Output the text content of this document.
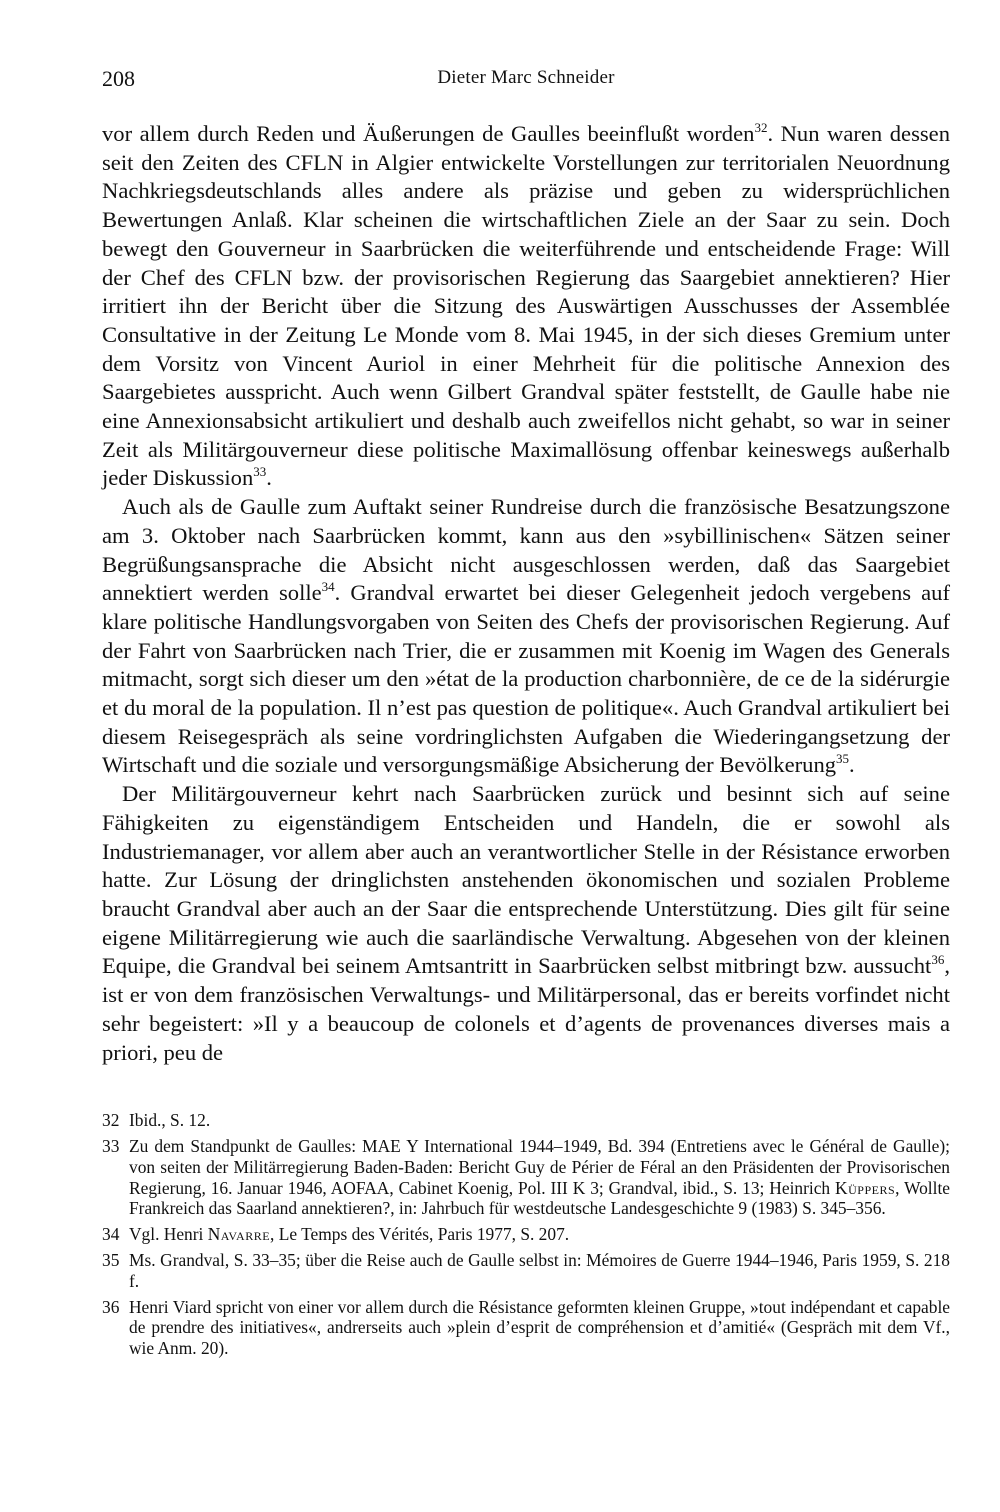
208	Dieter Marc Schneider

vor allem durch Reden und Äußerungen de Gaulles beeinflußt worden$^{32}$. Nun waren dessen seit den Zeiten des CFLN in Algier entwickelte Vorstellungen zur territorialen Neuordnung Nachkriegsdeutschlands alles andere als präzise und geben zu widersprüchlichen Bewertungen Anlaß. Klar scheinen die wirtschaftlichen Ziele an der Saar zu sein. Doch bewegt den Gouverneur in Saarbrücken die weiterführende und entscheidende Frage: Will der Chef des CFLN bzw. der provisorischen Regierung das Saargebiet annektieren? Hier irritiert ihn der Bericht über die Sitzung des Auswärtigen Ausschusses der Assemblée Consultative in der Zeitung Le Monde vom 8. Mai 1945, in der sich dieses Gremium unter dem Vorsitz von Vincent Auriol in einer Mehrheit für die politische Annexion des Saargebietes ausspricht. Auch wenn Gilbert Grandval später feststellt, de Gaulle habe nie eine Annexionsabsicht artikuliert und deshalb auch zweifellos nicht gehabt, so war in seiner Zeit als Militärgouverneur diese politische Maximallösung offenbar keineswegs außerhalb jeder Diskussion$^{33}$.

Auch als de Gaulle zum Auftakt seiner Rundreise durch die französische Besatzungszone am 3. Oktober nach Saarbrücken kommt, kann aus den »sybillinischen« Sätzen seiner Begrüßungsansprache die Absicht nicht ausgeschlossen werden, daß das Saargebiet annektiert werden solle$^{34}$. Grandval erwartet bei dieser Gelegenheit jedoch vergebens auf klare politische Handlungsvorgaben von Seiten des Chefs der provisorischen Regierung. Auf der Fahrt von Saarbrücken nach Trier, die er zusammen mit Koenig im Wagen des Generals mitmacht, sorgt sich dieser um den »état de la production charbonnière, de ce de la sidérurgie et du moral de la population. Il n’est pas question de politique«. Auch Grandval artikuliert bei diesem Reisegespräch als seine vordringlichsten Aufgaben die Wiederingangsetzung der Wirtschaft und die soziale und versorgungsmäßige Absicherung der Bevölkerung$^{35}$.

Der Militärgouverneur kehrt nach Saarbrücken zurück und besinnt sich auf seine Fähigkeiten zu eigenständigem Entscheiden und Handeln, die er sowohl als Industriemanager, vor allem aber auch an verantwortlicher Stelle in der Résistance erworben hatte. Zur Lösung der dringlichsten anstehenden ökonomischen und sozialen Probleme braucht Grandval aber auch an der Saar die entsprechende Unterstützung. Dies gilt für seine eigene Militärregierung wie auch die saarländische Verwaltung. Abgesehen von der kleinen Equipe, die Grandval bei seinem Amtsantritt in Saarbrücken selbst mitbringt bzw. aussucht$^{36}$, ist er von dem französischen Verwaltungs- und Militärpersonal, das er bereits vorfindet nicht sehr begeistert: »Il y a beaucoup de colonels et d’agents de provenances diverses mais a priori, peu de

32 Ibid., S. 12.
33 Zu dem Standpunkt de Gaulles: MAE Y International 1944–1949, Bd. 394 (Entretiens avec le Général de Gaulle); von seiten der Militärregierung Baden-Baden: Bericht Guy de Périer de Féral an den Präsidenten der Provisorischen Regierung, 16. Januar 1946, AOFAA, Cabinet Koenig, Pol. III K 3; Grandval, ibid., S. 13; Heinrich Küppers, Wollte Frankreich das Saarland annektieren?, in: Jahrbuch für westdeutsche Landesgeschichte 9 (1983) S. 345–356.
34 Vgl. Henri Navarre, Le Temps des Vérités, Paris 1977, S. 207.
35 Ms. Grandval, S. 33–35; über die Reise auch de Gaulle selbst in: Mémoires de Guerre 1944–1946, Paris 1959, S. 218 f.
36 Henri Viard spricht von einer vor allem durch die Résistance geformten kleinen Gruppe, »tout indépendant et capable de prendre des initiatives«, andrerseits auch »plein d’esprit de compréhension et d’amitié« (Gespräch mit dem Vf., wie Anm. 20).
